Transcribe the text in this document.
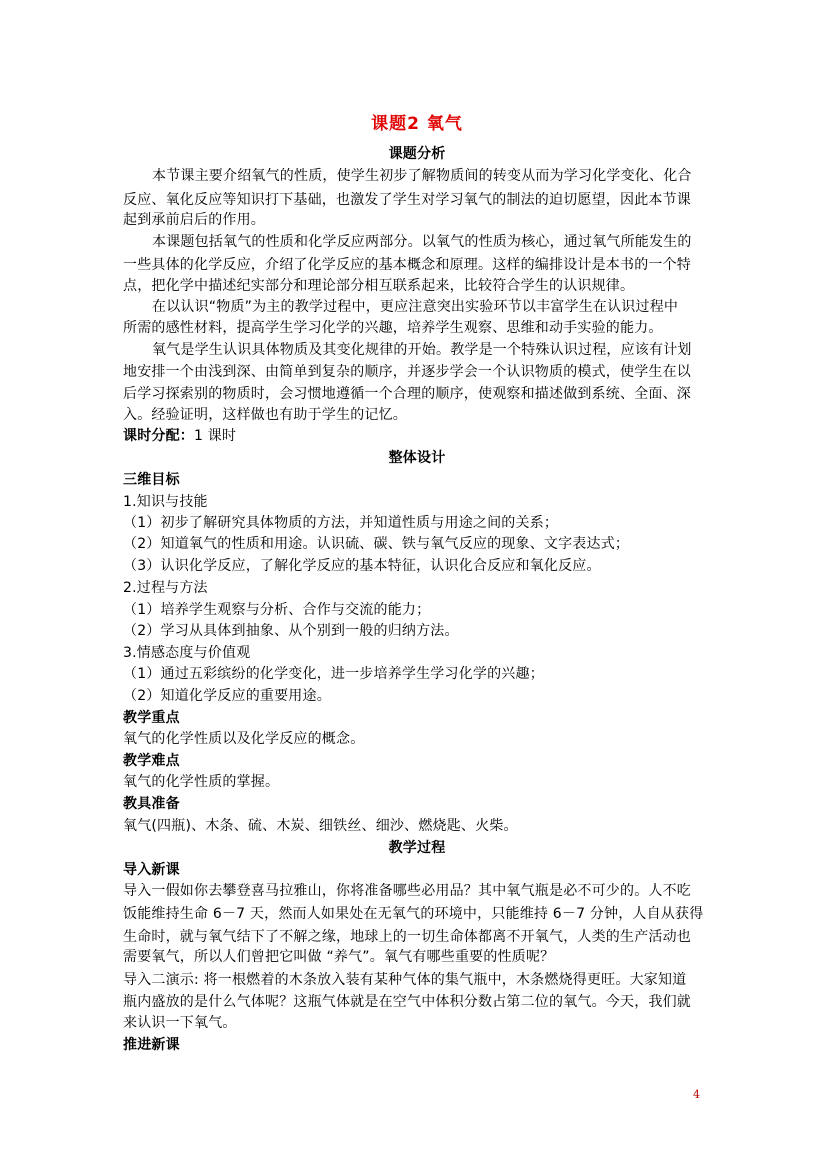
课题2 氧气
课题分析
本节课主要介绍氧气的性质，使学生初步了解物质间的转变从而为学习化学变化、化合
反应、氧化反应等知识打下基础，也激发了学生对学习氧气的制法的迫切愿望，因此本节课
起到承前启后的作用。
本课题包括氧气的性质和化学反应两部分。以氧气的性质为核心，通过氧气所能发生的
一些具体的化学反应，介绍了化学反应的基本概念和原理。这样的编排设计是本书的一个特
点，把化学中描述纪实部分和理论部分相互联系起来，比较符合学生的认识规律。
在以认识“物质”为主的教学过程中，更应注意突出实验环节以丰富学生在认识过程中
所需的感性材料，提高学生学习化学的兴趣，培养学生观察、思维和动手实验的能力。
氧气是学生认识具体物质及其变化规律的开始。教学是一个特殊认识过程，应该有计划
地安排一个由浅到深、由简单到复杂的顺序，并逐步学会一个认识物质的模式，使学生在以
后学习探索别的物质时，会习惯地遵循一个合理的顺序，使观察和描述做到系统、全面、深
入。经验证明，这样做也有助于学生的记忆。
课时分配：1 课时
整体设计
三维目标
1.知识与技能
（1）初步了解研究具体物质的方法，并知道性质与用途之间的关系；
（2）知道氧气的性质和用途。认识硫、碳、铁与氧气反应的现象、文字表达式；
（3）认识化学反应，了解化学反应的基本特征，认识化合反应和氧化反应。
2.过程与方法
（1）培养学生观察与分析、合作与交流的能力；
（2）学习从具体到抽象、从个别到一般的归纳方法。
3.情感态度与价值观
（1）通过五彩缤纷的化学变化，进一步培养学生学习化学的兴趣；
（2）知道化学反应的重要用途。
教学重点
氧气的化学性质以及化学反应的概念。
教学难点
氧气的化学性质的掌握。
教具准备
氧气(四瓶)、木条、硫、木炭、细铁丝、细沙、燃烧匙、火柴。
教学过程
导入新课
导入一假如你去攀登喜马拉雅山，你将准备哪些必用品？其中氧气瓶是必不可少的。人不吃
饭能维持生命 6－7 天，然而人如果处在无氧气的环境中，只能维持 6－7 分钟，人自从获得
生命时，就与氧气结下了不解之缘，地球上的一切生命体都离不开氧气，人类的生产活动也
需要氧气，所以人们曾把它叫做 “养气”。氧气有哪些重要的性质呢？
导入二演示: 将一根燃着的木条放入装有某种气体的集气瓶中，木条燃烧得更旺。大家知道
瓶内盛放的是什么气体呢？这瓶气体就是在空气中体积分数占第二位的氧气。今天，我们就
来认识一下氧气。
推进新课
4
